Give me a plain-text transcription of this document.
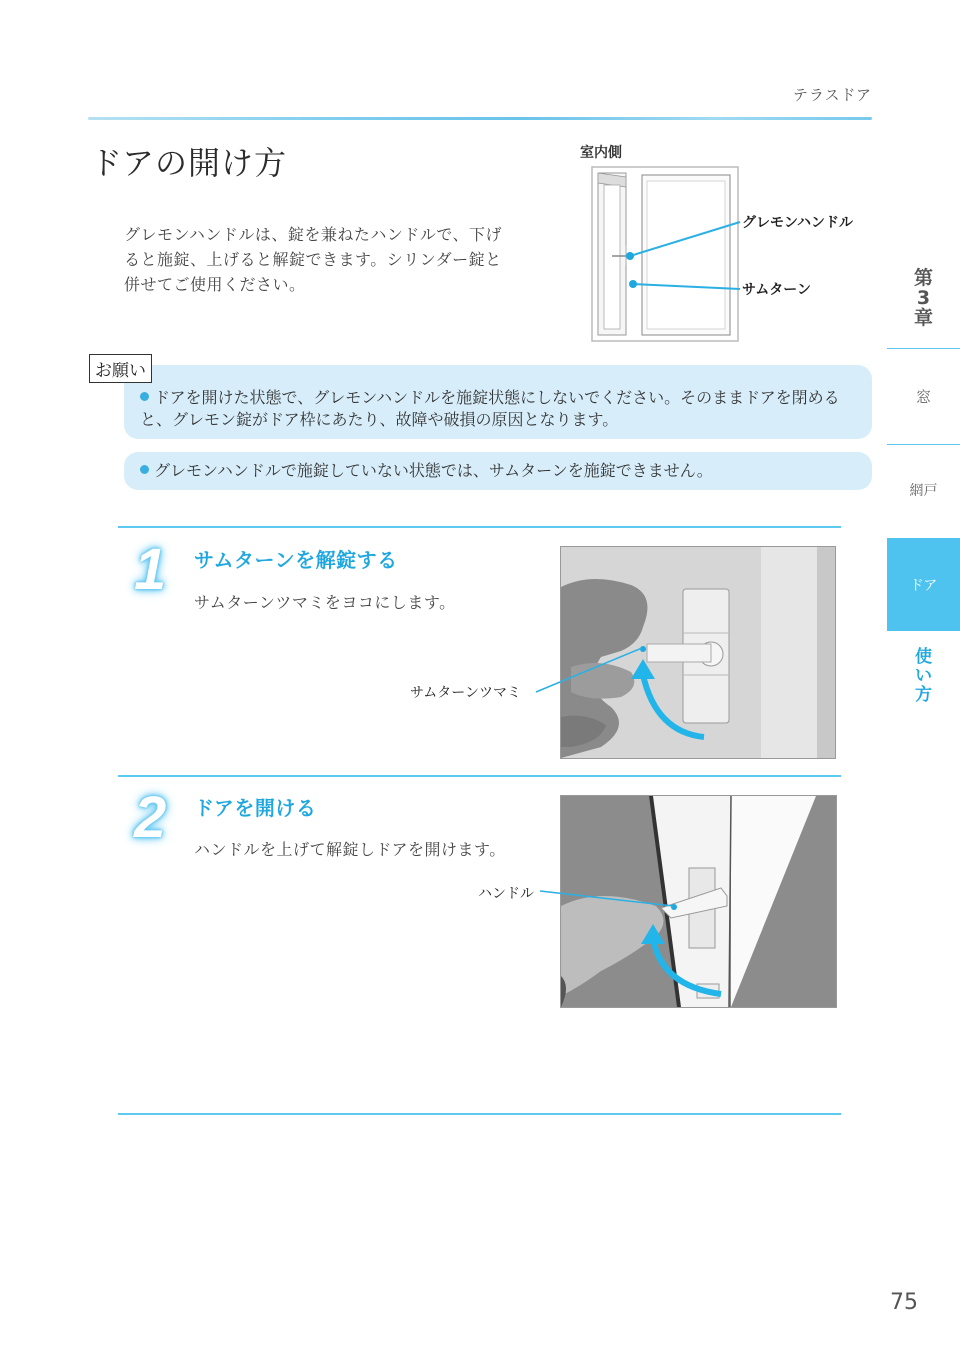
テラスドア
ドアの開け方

グレモンハンドルは、錠を兼ねたハンドルで、下げると施錠、上げると解錠できます。シリンダー錠と併せてご使用ください。

室内側
グレモンハンドル
サムターン
お願い
ドアを開けた状態で、グレモンハンドルを施錠状態にしないでください。そのままドアを閉めると、グレモン錠がドア枠にあたり、故障や破損の原因となります。
グレモンハンドルで施錠していない状態では、サムターンを施錠できません。
1 サムターンを解錠する
サムターンツマミをヨコにします。
サムターンツマミ
2 ドアを開ける
ハンドルを上げて解錠しドアを開けます。
ハンドル
第
3
章
窓
網戸
ドア
使
い
方
75
